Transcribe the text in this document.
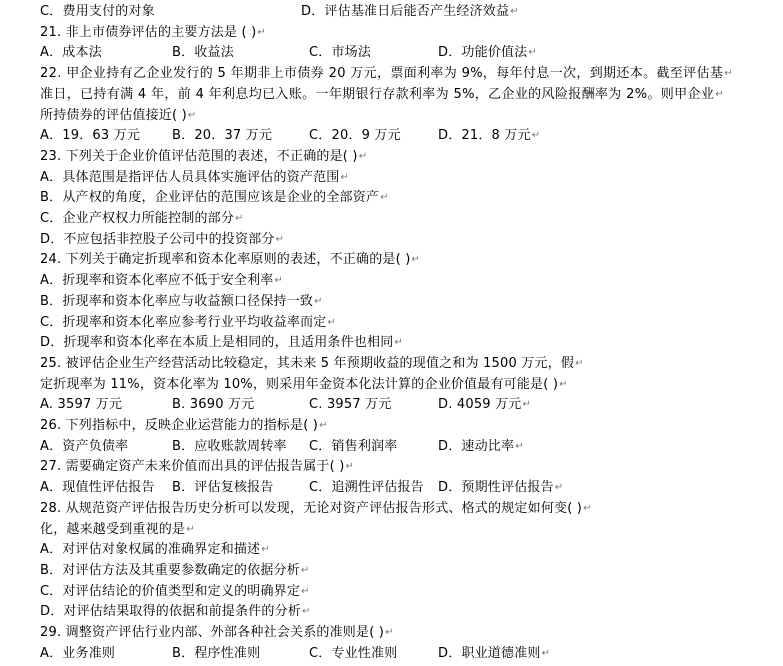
C．费用支付的对象	D．评估基准日后能否产生经济效益↵
21. 非上市债券评估的主要方法是 ( )↵
A．成本法	B．收益法	C．市场法	D．功能价值法↵
22. 甲企业持有乙企业发行的 5 年期非上市债券 20 万元，票面利率为 9%，每年付息一次，到期还本。截至评估基↵
准日，已持有满 4 年，前 4 年利息均已入账。一年期银行存款利率为 5%，乙企业的风险报酬率为 2%。则甲企业↵
所持债券的评估值接近( )↵
A．19．63 万元 B．20．37 万元	C．20．9 万元	D．21．8 万元↵
23. 下列关于企业价值评估范围的表述，不正确的是( )↵
A．具体范围是指评估人员具体实施评估的资产范围↵
B．从产权的角度，企业评估的范围应该是企业的全部资产↵
C．企业产权权力所能控制的部分↵
D．不应包括非控股子公司中的投资部分↵
24. 下列关于确定折现率和资本化率原则的表述，不正确的是( )↵
A．折现率和资本化率应不低于安全利率↵
B．折现率和资本化率应与收益额口径保持一致↵
C．折现率和资本化率应参考行业平均收益率而定↵
D．折现率和资本化率在本质上是相同的，且适用条件也相同↵
25. 被评估企业生产经营活动比较稳定，其未来 5 年预期收益的现值之和为 1500 万元，假↵
定折现率为 11%，资本化率为 10%，则采用年金资本化法计算的企业价值最有可能是( )↵
A. 3597 万元	B. 3690 万元	C. 3957 万元	D. 4059 万元↵
26. 下列指标中，反映企业运营能力的指标是( )↵
A．资产负债率	B．应收账款周转率 C．销售利润率	D．速动比率↵
27. 需要确定资产未来价值而出具的评估报告属于( )↵
A．现值性评估报告 B．评估复核报告	C．追溯性评估报告 D．预期性评估报告↵
28. 从规范资产评估报告历史分析可以发现，无论对资产评估报告形式、格式的规定如何变( )↵
化，越来越受到重视的是↵
A．对评估对象权属的准确界定和描述↵
B．对评估方法及其重要参数确定的依据分析↵
C．对评估结论的价值类型和定义的明确界定↵
D．对评估结果取得的依据和前提条件的分析↵
29. 调整资产评估行业内部、外部各种社会关系的准则是( )↵
A．业务准则	B．程序性准则	C．专业性准则	D．职业道德准则↵
